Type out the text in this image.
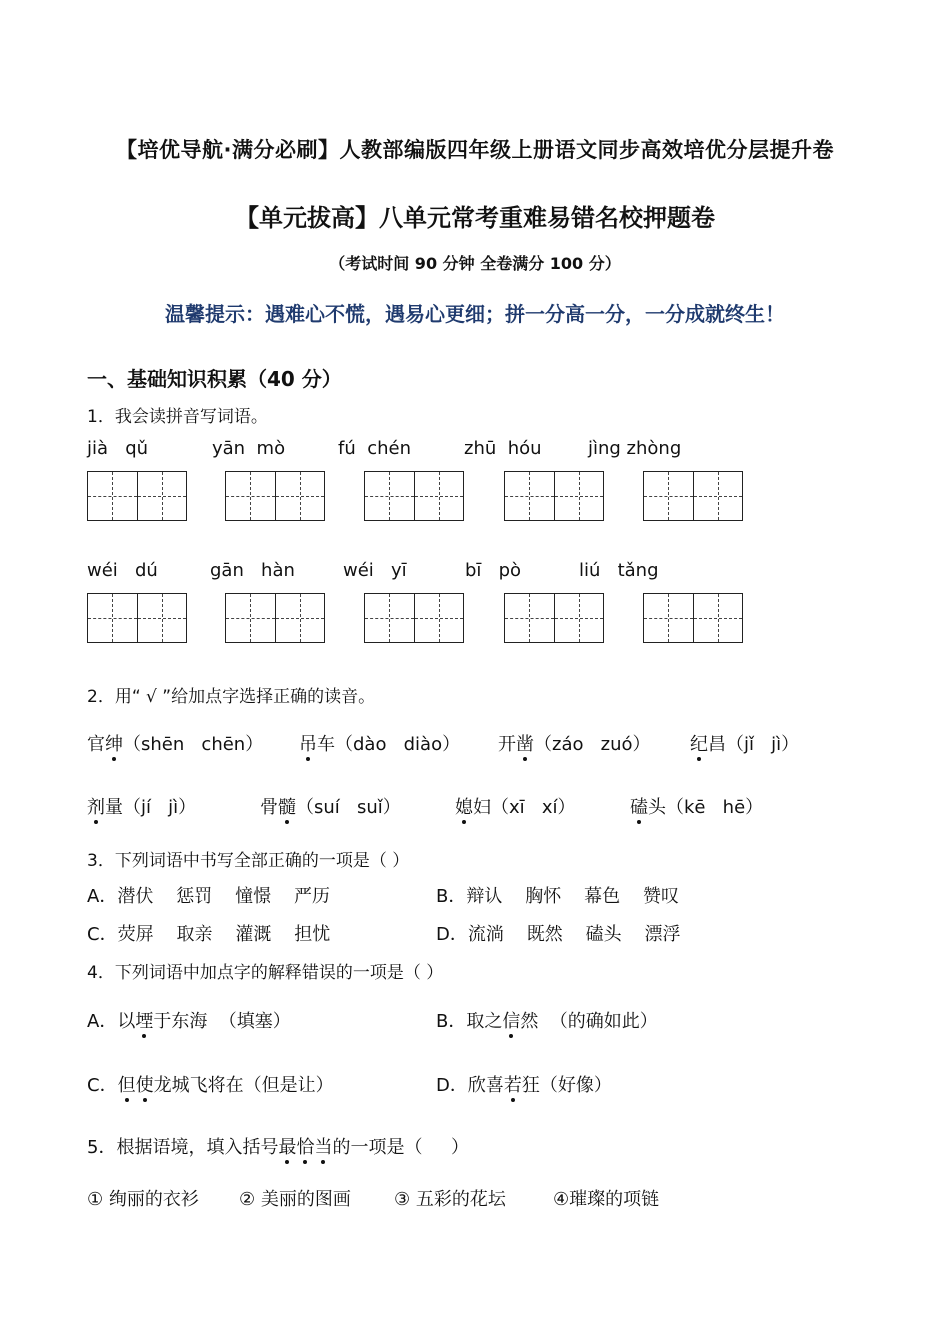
【培优导航·满分必刷】人教部编版四年级上册语文同步高效培优分层提升卷
【单元拔高】八单元常考重难易错名校押题卷
（考试时间 90 分钟 全卷满分 100 分）
温馨提示：遇难心不慌，遇易心更细；拼一分高一分，一分成就终生！
一、基础知识积累（40 分）
1．我会读拼音写词语。
jià   qǔ	yān  mò	fú  chén	zhū  hóu	jìng zhòng
wéi   dú	gān   hàn	wéi   yī	bī   pò	liú   tǎng
2．用“ √ ”给加点字选择正确的读音。
官绅（shēn   chēn） 吊车（dào   diào） 开凿（záo   zuó） 纪昌（jǐ   jì）
剂量（jí   jì）	骨髓（suí   suǐ）	媳妇（xī   xí）	磕头（kē   hē）
3．下列词语中书写全部正确的一项是（ ）
A．潜伏    惩罚    憧憬    严历	B．辩认    胸怀    幕色    赞叹
C．荧屏    取亲    灌溉    担忧	D．流淌    既然    磕头    漂浮
4．下列词语中加点字的解释错误的一项是（ ）
A．以堙于东海  （填塞）	B．取之信然  （的确如此）
C．但使龙城飞将在（但是让）	D．欣喜若狂（好像）
5．根据语境，填入括号最恰当的一项是（     ）
① 绚丽的衣衫 ② 美丽的图画 ③ 五彩的花坛	④璀璨的项链
